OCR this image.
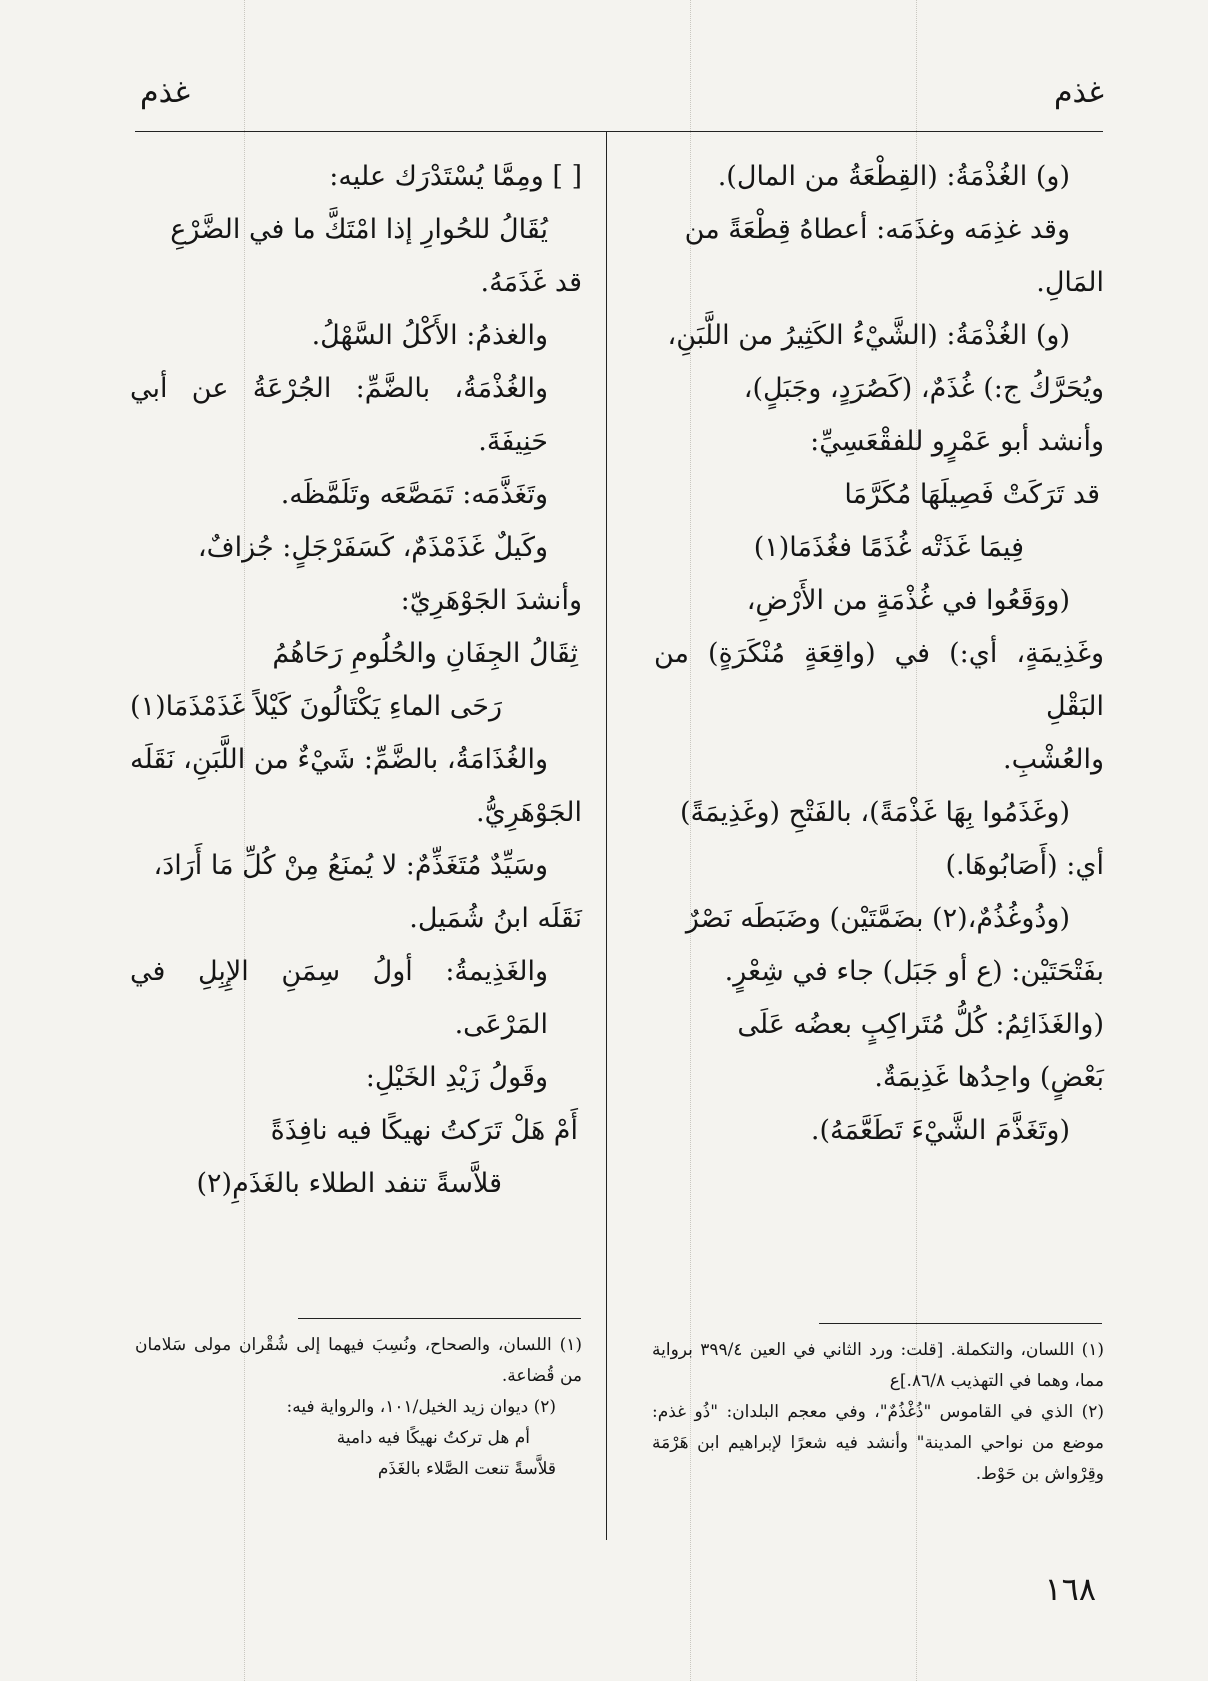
غذم
غذم

(و) الغُذْمَةُ: (القِطْعَةُ من المال).

وقد غذِمَه وغذَمَه: أعطاهُ قِطْعَةً من

المَالِ.

(و) الغُذْمَةُ: (الشَّيْءُ الكَثِيرُ من اللَّبَنِ،

ويُحَرَّكُ ج:) غُذَمٌ، (كَصُرَدٍ، وجَبَلٍ)،

وأنشد أبو عَمْرٍو للفقْعَسِيِّ:

قد تَرَكَتْ فَصِيلَهَا مُكَرَّمَا

فِيمَا غَذَتْه غُذَمًا فغُذَمَا(١)

(ووَقَعُوا في غُذْمَةٍ من الأَرْضِ،

وغَذِيمَةٍ، أي:) في (واقِعَةٍ مُنْكَرَةٍ) من البَقْلِ

والعُشْبِ.

(وغَذَمُوا بِهَا غَذْمَةً)، بالفَتْحِ (وغَذِيمَةً)

أي: (أَصَابُوهَا.)

(وذُوغُذُمٌ،(٢) بضَمَّتَيْن) وضَبَطَه نَصْرٌ

بفَتْحَتَيْن: (ع أو جَبَل) جاء في شِعْرٍ.

(والغَذَائِمُ: كُلُّ مُتَراكِبٍ بعضُه عَلَى

بَعْضٍ) واحِدُها غَذِيمَةٌ.

(وتَغَذَّمَ الشَّيْءَ تَطَعَّمَهُ).

[ ] ومِمَّا يُسْتَدْرَك عليه:

يُقَالُ للحُوارِ إذا امْتَكَّ ما في الضَّرْعِ

قد غَذَمَهُ.

والغذمُ: الأَكْلُ السَّهْلُ.

والغُذْمَةُ، بالضَّمِّ: الجُرْعَةُ عن أبي حَنِيفَةَ.

وتَغَذَّمَه: تَمَصَّعَه وتَلَمَّظَه.

وكَيلٌ غَذَمْذَمٌ، كَسَفَرْجَلٍ: جُزافٌ،

وأنشدَ الجَوْهَرِيّ:

ثِقَالُ الجِفَانِ والحُلُومِ رَحَاهُمُ

رَحَى الماءِ يَكْتَالُونَ كَيْلاً غَذَمْذَمَا(١)

والغُذَامَةُ، بالضَّمِّ: شَيْءٌ من اللَّبَنِ، نَقَلَه

الجَوْهَرِيُّ.

وسَيِّدٌ مُتَغَذِّمٌ: لا يُمنَعُ مِنْ كُلِّ مَا أَرَادَ،

نَقَلَه ابنُ شُمَيل.

والغَذِيمةُ: أولُ سِمَنِ الإِبِلِ في المَرْعَى.

وقَولُ زَيْدِ الخَيْلِ:

أَمْ هَلْ تَرَكتُ نهيكًا فيه نافِذَةً

قلاَّسةً تنفد الطلاء بالغَذَمِ(٢)

(١) اللسان، والتكملة. [قلت: ورد الثاني في العين ٣٩٩/٤ برواية مما، وهما في التهذيب ٨٦/٨.]ع

(٢) الذي في القاموس "ذُغْذُمٌ"، وفي معجم البلدان: "ذُو غذم: موضع من نواحي المدينة" وأنشد فيه شعرًا لإبراهيم ابن هَرْمَة وقِرْواش بن حَوْط.

(١) اللسان، والصحاح، ونُسِبَ فيهما إلى شُقْران مولى سَلامان من قُضاعة.

(٢) ديوان زيد الخيل/١٠١، والرواية فيه:

أم هل تركتُ نهيكًا فيه دامية

قلاَّسةً تنعت الصَّلاء بالغَذَم

١٦٨
